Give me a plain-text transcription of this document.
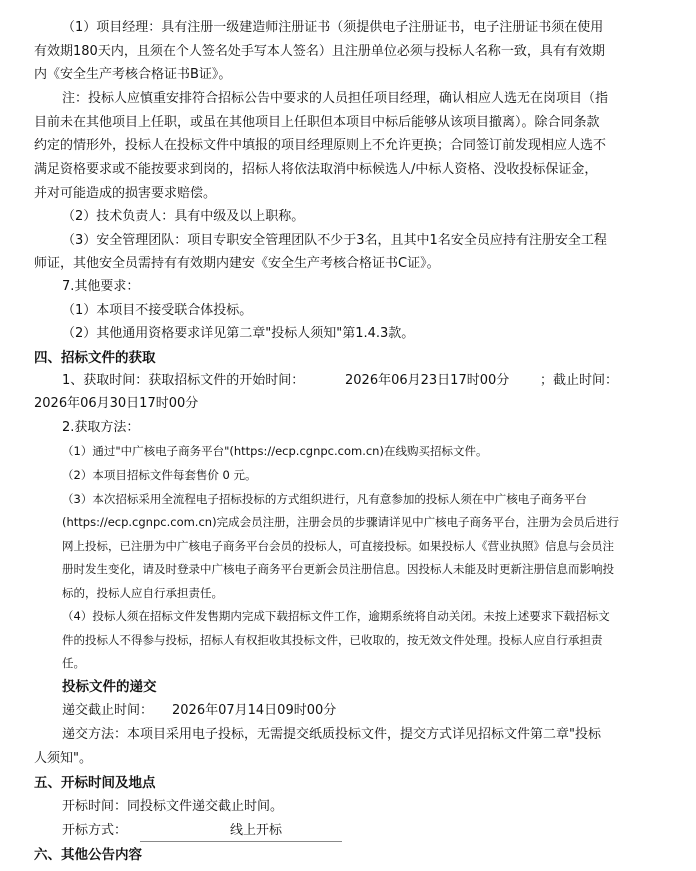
（1）项目经理：具有注册一级建造师注册证书（须提供电子注册证书，电子注册证书须在使用
有效期180天内，且须在个人签名处手写本人签名）且注册单位必须与投标人名称一致，具有有效期
内《安全生产考核合格证书B证》。
注：投标人应慎重安排符合招标公告中要求的人员担任项目经理，确认相应人选无在岗项目（指
目前未在其他项目上任职，或虽在其他项目上任职但本项目中标后能够从该项目撤离）。除合同条款
约定的情形外，投标人在投标文件中填报的项目经理原则上不允许更换；合同签订前发现相应人选不
满足资格要求或不能按要求到岗的，招标人将依法取消中标候选人/中标人资格、没收投标保证金，
并对可能造成的损害要求赔偿。
（2）技术负责人：具有中级及以上职称。
（3）安全管理团队：项目专职安全管理团队不少于3名，且其中1名安全员应持有注册安全工程
师证，其他安全员需持有有效期内建安《安全生产考核合格证书C证》。
7.其他要求：
（1）本项目不接受联合体投标。
（2）其他通用资格要求详见第二章"投标人须知"第1.4.3款。
四、招标文件的获取
1、获取时间：获取招标文件的开始时间：	2026年06月23日17时00分 ；截止时间：
2026年06月30日17时00分
2.获取方法：
（1）通过"中广核电子商务平台"(https://ecp.cgnpc.com.cn)在线购买招标文件。
（2）本项目招标文件每套售价 0 元。
（3）本次招标采用全流程电子招标投标的方式组织进行，凡有意参加的投标人须在中广核电子商务平台
(https://ecp.cgnpc.com.cn)完成会员注册，注册会员的步骤请详见中广核电子商务平台，注册为会员后进行
网上投标，已注册为中广核电子商务平台会员的投标人，可直接投标。如果投标人《营业执照》信息与会员注
册时发生变化，请及时登录中广核电子商务平台更新会员注册信息。因投标人未能及时更新注册信息而影响投
标的，投标人应自行承担责任。
（4）投标人须在招标文件发售期内完成下载招标文件工作，逾期系统将自动关闭。未按上述要求下载招标文
件的投标人不得参与投标，招标人有权拒收其投标文件，已收取的，按无效文件处理。投标人应自行承担责
任。
投标文件的递交
递交截止时间： 2026年07月14日09时00分
递交方法：本项目采用电子投标，无需提交纸质投标文件，提交方式详见招标文件第二章"投标
人须知"。
五、开标时间及地点
开标时间：同投标文件递交截止时间。
开标方式：	线上开标
六、其他公告内容
